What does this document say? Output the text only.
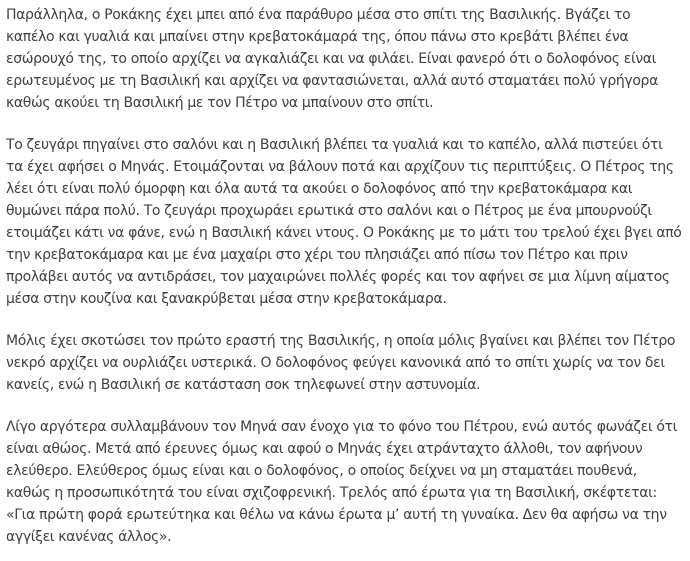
Παράλληλα, ο Ροκάκης έχει μπει από ένα παράθυρο μέσα στο σπίτι της Βασιλικής. Βγάζει το καπέλο και γυαλιά και μπαίνει στην κρεβατοκάμαρά της, όπου πάνω στο κρεβάτι βλέπει ένα εσώρουχό της, το οποίο αρχίζει να αγκαλιάζει και να φιλάει. Είναι φανερό ότι ο δολοφόνος είναι ερωτευμένος με τη Βασιλική και αρχίζει να φαντασιώνεται, αλλά αυτό σταματάει πολύ γρήγορα καθώς ακούει τη Βασιλική με τον Πέτρο να μπαίνουν στο σπίτι.

Το ζευγάρι πηγαίνει στο σαλόνι και η Βασιλική βλέπει τα γυαλιά και το καπέλο, αλλά πιστεύει ότι τα έχει αφήσει ο Μηνάς. Ετοιμάζονται να βάλουν ποτά και αρχίζουν τις περιπτύξεις. Ο Πέτρος της λέει ότι είναι πολύ όμορφη και όλα αυτά τα ακούει ο δολοφόνος από την κρεβατοκάμαρα και θυμώνει πάρα πολύ. Το ζευγάρι προχωράει ερωτικά στο σαλόνι και ο Πέτρος με ένα μπουρνούζι ετοιμάζει κάτι να φάνε, ενώ η Βασιλική κάνει ντους. Ο Ροκάκης με το μάτι του τρελού έχει βγει από την κρεβατοκάμαρα και με ένα μαχαίρι στο χέρι του πλησιάζει από πίσω τον Πέτρο και πριν προλάβει αυτός να αντιδράσει, τον μαχαιρώνει πολλές φορές και τον αφήνει σε μια λίμνη αίματος μέσα στην κουζίνα και ξανακρύβεται μέσα στην κρεβατοκάμαρα.

Μόλις έχει σκοτώσει τον πρώτο εραστή της Βασιλικής, η οποία μόλις βγαίνει και βλέπει τον Πέτρο νεκρό αρχίζει να ουρλιάζει υστερικά. Ο δολοφόνος φεύγει κανονικά από το σπίτι χωρίς να τον δει κανείς, ενώ η Βασιλική σε κατάσταση σοκ τηλεφωνεί στην αστυνομία.

Λίγο αργότερα συλλαμβάνουν τον Μηνά σαν ένοχο για το φόνο του Πέτρου, ενώ αυτός φωνάζει ότι είναι αθώος. Μετά από έρευνες όμως και αφού ο Μηνάς έχει ατράνταχτο άλλοθι, τον αφήνουν ελεύθερο. Ελεύθερος όμως είναι και ο δολοφόνος, ο οποίος δείχνει να μη σταματάει πουθενά, καθώς η προσωπικότητά του είναι σχιζοφρενική. Τρελός από έρωτα για τη Βασιλική, σκέφτεται: «Για πρώτη φορά ερωτεύτηκα και θέλω να κάνω έρωτα μ’ αυτή τη γυναίκα. Δεν θα αφήσω να την αγγίξει κανένας άλλος».
